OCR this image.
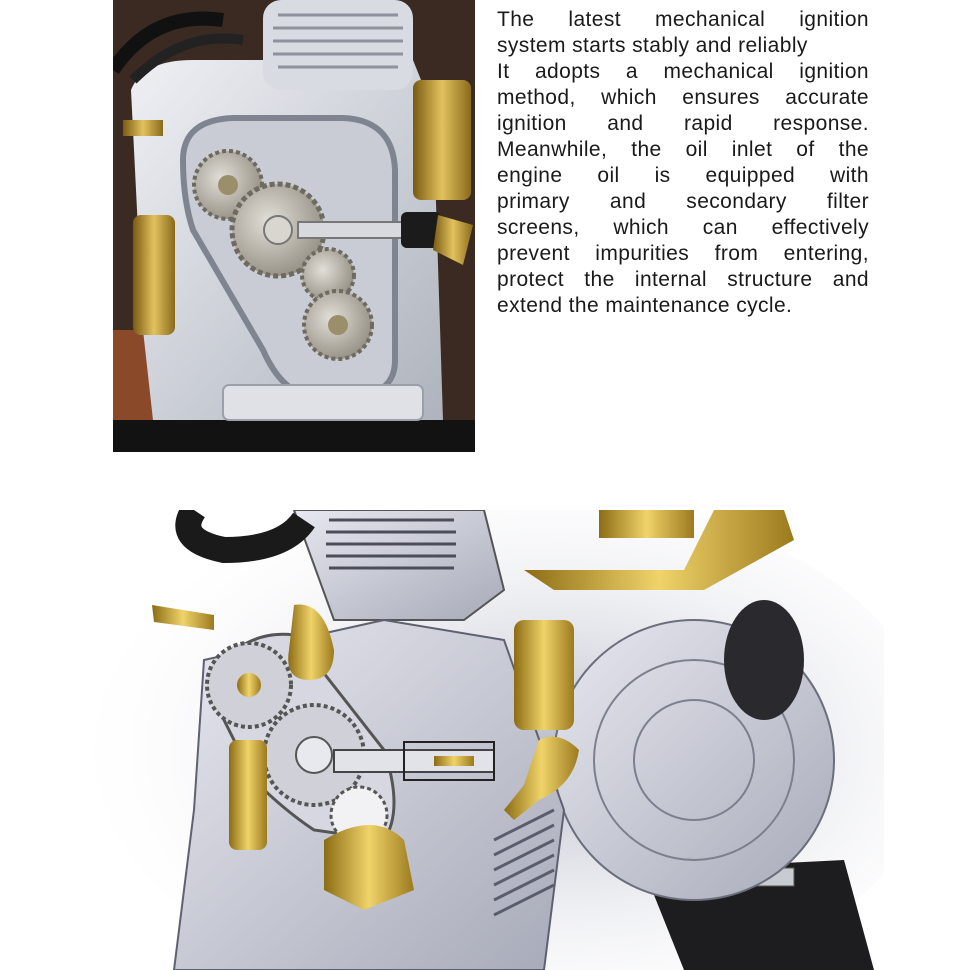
The latest mechanical ignition

system starts stably and reliably

It adopts a mechanical ignition

method, which ensures accurate

ignition and rapid response.

Meanwhile, the oil inlet of the

engine oil is equipped with

primary and secondary filter

screens, which can effectively

prevent impurities from entering,

protect the internal structure and

extend the maintenance cycle.
